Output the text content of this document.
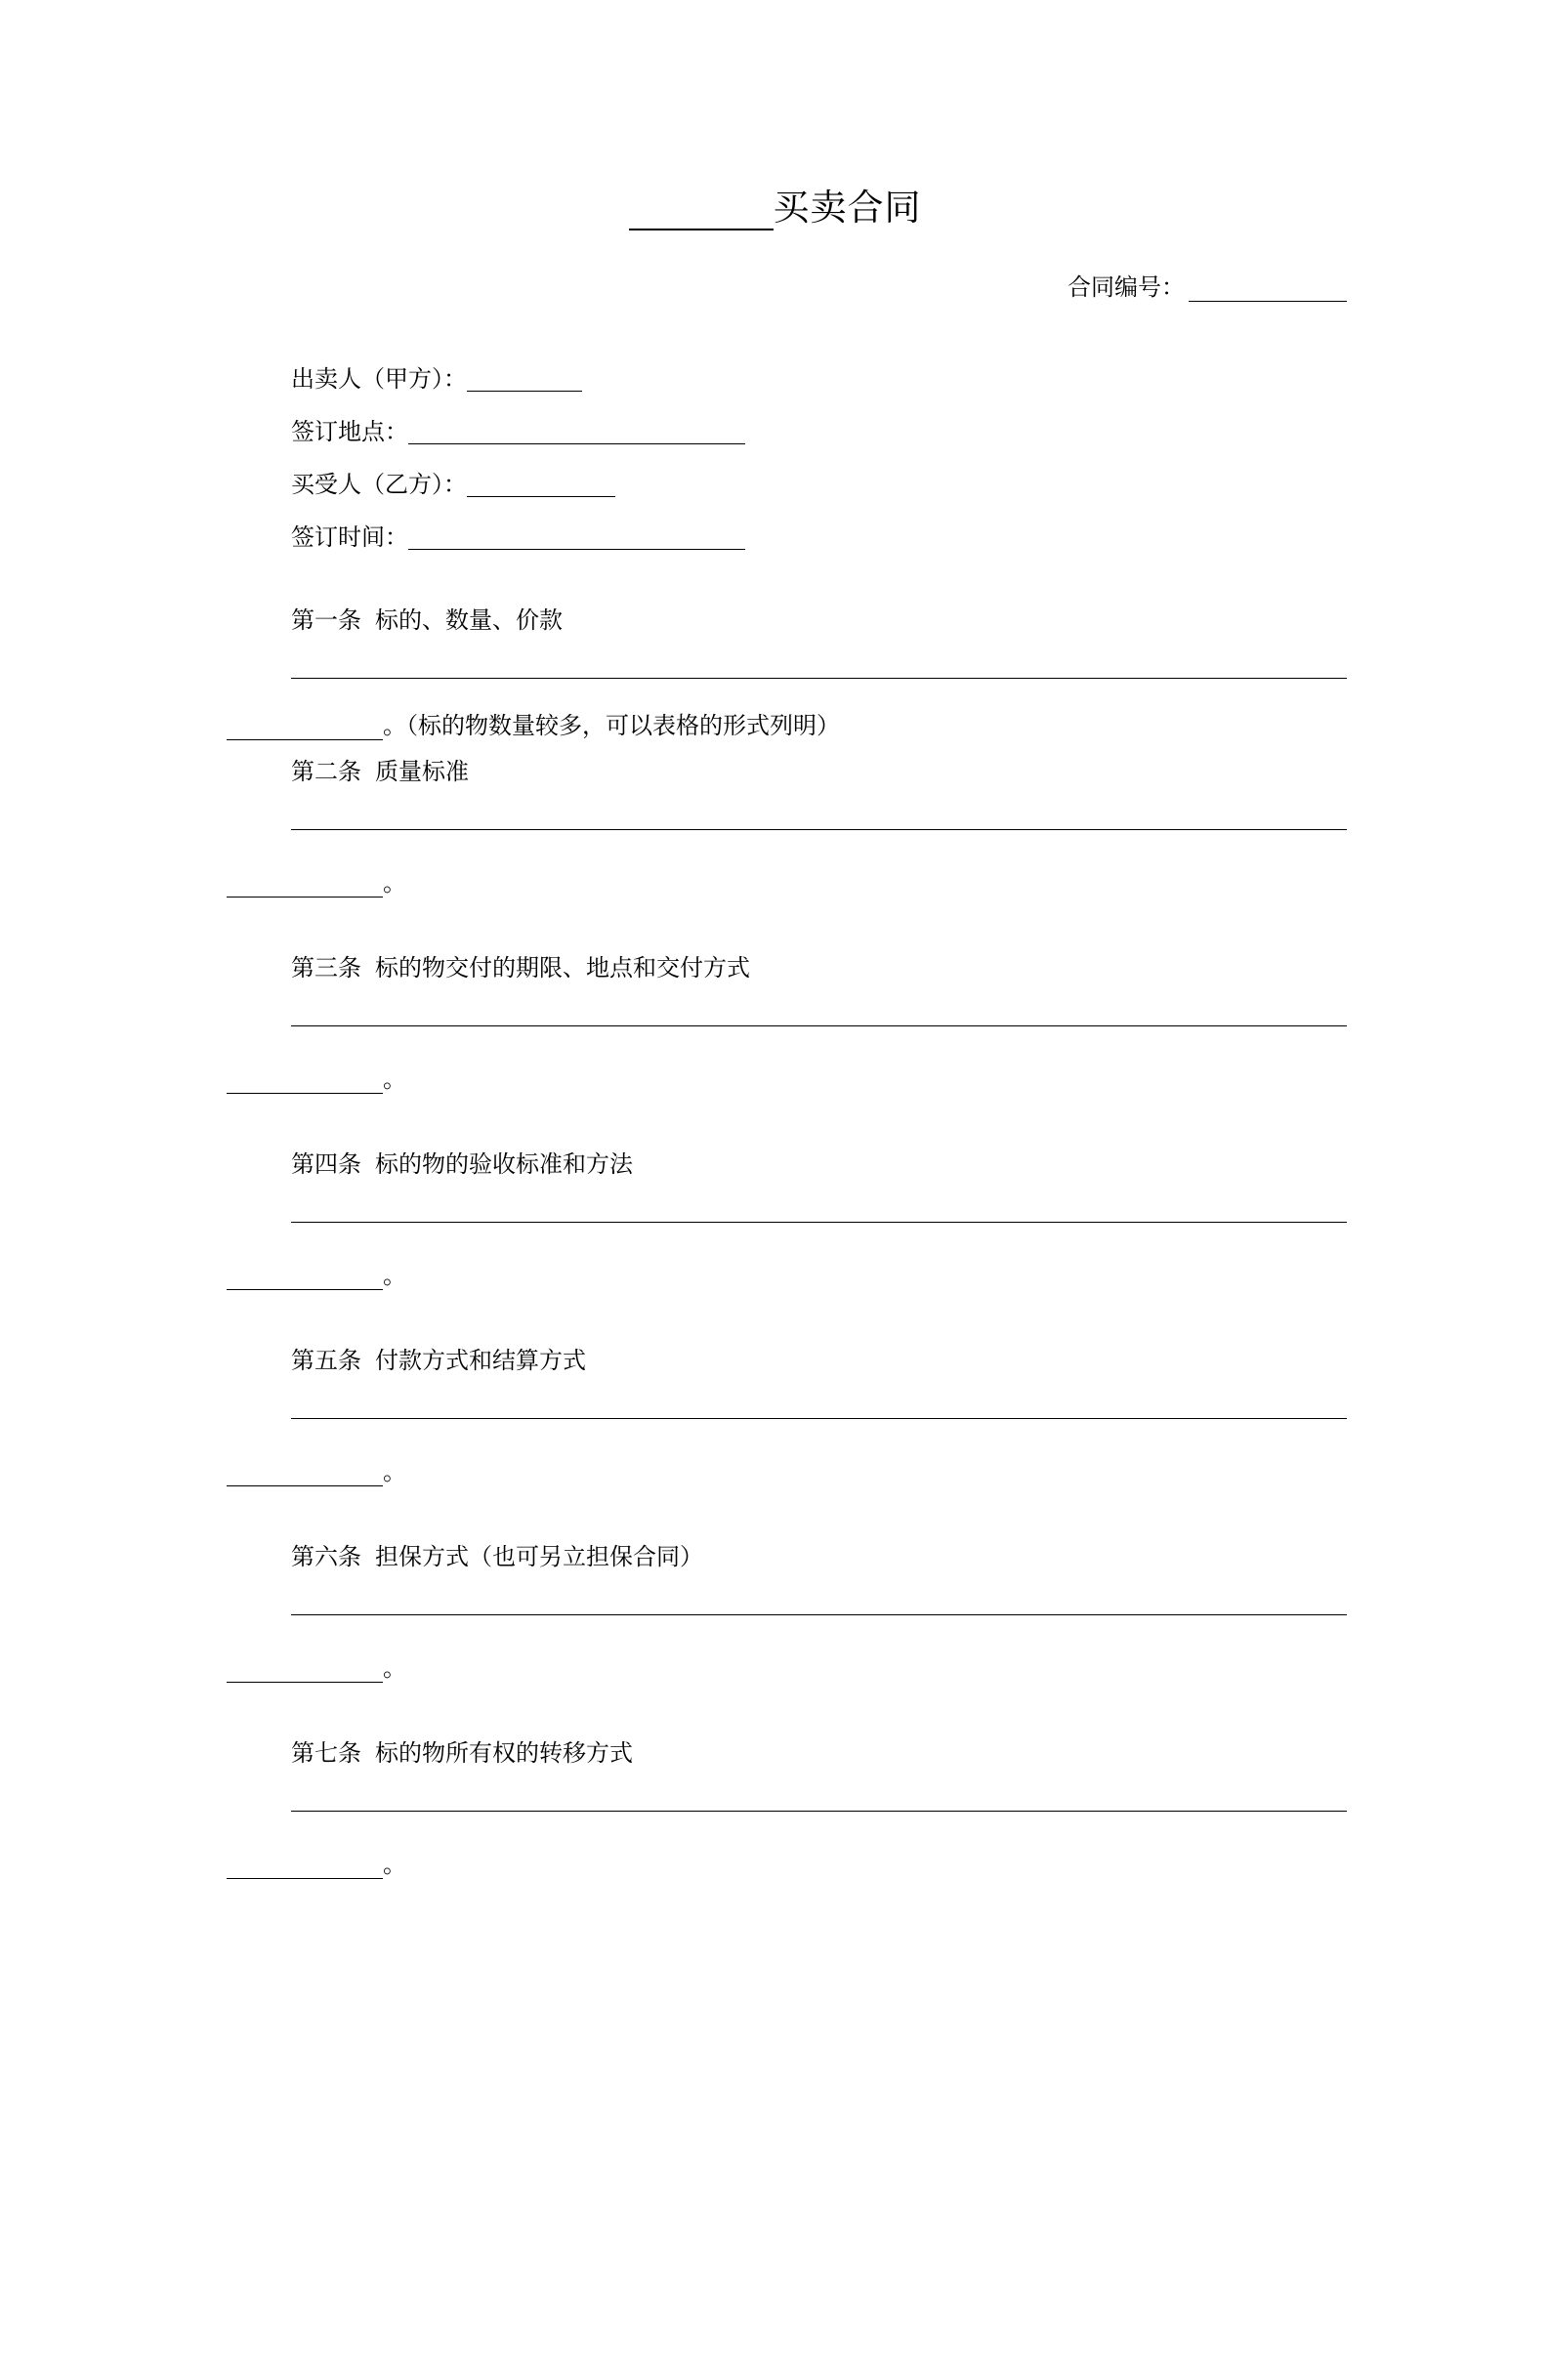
买卖合同
合同编号：
出卖人（甲方）：
签订地点：
买受人（乙方）：
签订时间：
第一条 标的、数量、价款
。（标的物数量较多，可以表格的形式列明）
第二条 质量标准
。
第三条 标的物交付的期限、地点和交付方式
。
第四条 标的物的验收标准和方法
。
第五条 付款方式和结算方式
。
第六条 担保方式（也可另立担保合同）
。
第七条 标的物所有权的转移方式
。
